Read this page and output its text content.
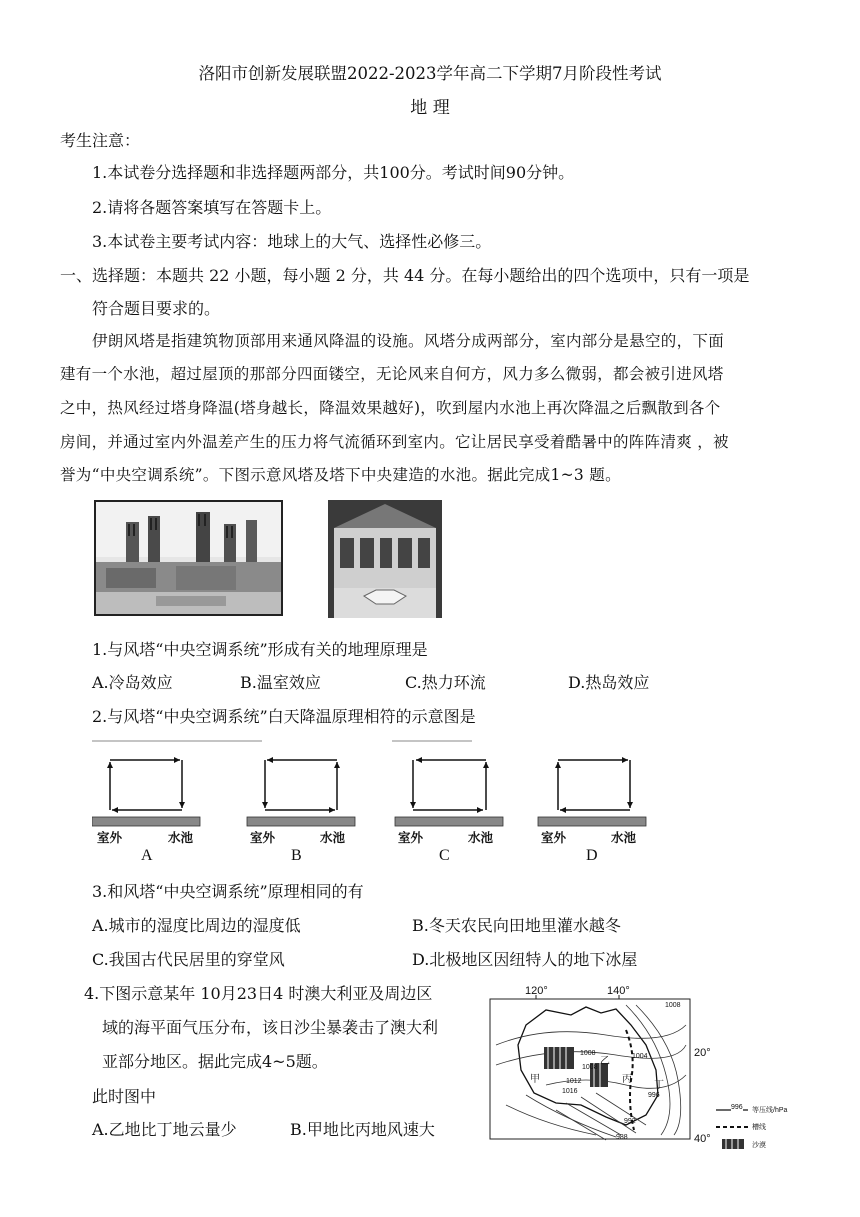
洛阳市创新发展联盟2022-2023学年高二下学期7月阶段性考试
地 理
考生注意：
1.本试卷分选择题和非选择题两部分，共100分。考试时间90分钟。
2.请将各题答案填写在答题卡上。
3.本试卷主要考试内容：地球上的大气、选择性必修三。
一、选择题：本题共 22 小题，每小题 2 分，共 44 分。在每小题给出的四个选项中，只有一项是
符合题目要求的。
伊朗风塔是指建筑物顶部用来通风降温的设施。风塔分成两部分，室内部分是悬空的，下面
建有一个水池，超过屋顶的那部分四面镂空，无论风来自何方，风力多么微弱，都会被引进风塔
之中，热风经过塔身降温(塔身越长，降温效果越好)，吹到屋内水池上再次降温之后飘散到各个
房间，并通过室内外温差产生的压力将气流循环到室内。它让居民享受着酷暑中的阵阵清爽 ，被
誉为“中央空调系统”。下图示意风塔及塔下中央建造的水池。据此完成1~3 题。
1.与风塔“中央空调系统”形成有关的地理原理是
A.冷岛效应	B.温室效应	C.热力环流	D.热岛效应
2.与风塔“中央空调系统”白天降温原理相符的示意图是
室外	水池	室外	水池	室外	水池	室外	水池
A	B	C	D
3.和风塔“中央空调系统”原理相同的有
A.城市的湿度比周边的湿度低	B.冬天农民向田地里灌水越冬
C.我国古代民居里的穿堂风	D.北极地区因纽特人的地下冰屋
4.下图示意某年 10月23日4 时澳大利亚及周边区
域的海平面气压分布，该日沙尘暴袭击了澳大利
亚部分地区。据此完成4~5题。
此时图中
A.乙地比丁地云量少	B.甲地比丙地风速大
120°	140°
20°
40°
1008
1008	1004
996
1008
1012
1016
992
988
甲
乙
丙
丁
996 等压线/hPa
槽线
沙漠
